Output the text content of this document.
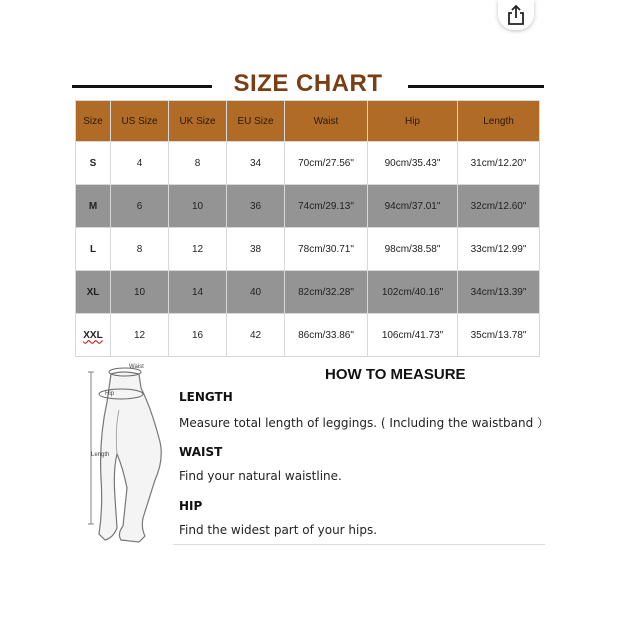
SIZE CHART
Size	US Size	UK Size	EU Size	Waist	Hip	Length
S	4	8	34	70cm/27.56"	90cm/35.43"	31cm/12.20"
M	6	10	36	74cm/29.13"	94cm/37.01"	32cm/12.60"
L	8	12	38	78cm/30.71"	98cm/38.58"	33cm/12.99"
XL	10	14	40	82cm/32.28"	102cm/40.16"	34cm/13.39"
XXL	12	16	42	86cm/33.86"	106cm/41.73"	35cm/13.78"
Waist
Hip
Length
HOW TO MEASURE
LENGTH
Measure total length of leggings. ( Including the waistband ）
WAIST
Find your natural waistline.
HIP
Find the widest part of your hips.
